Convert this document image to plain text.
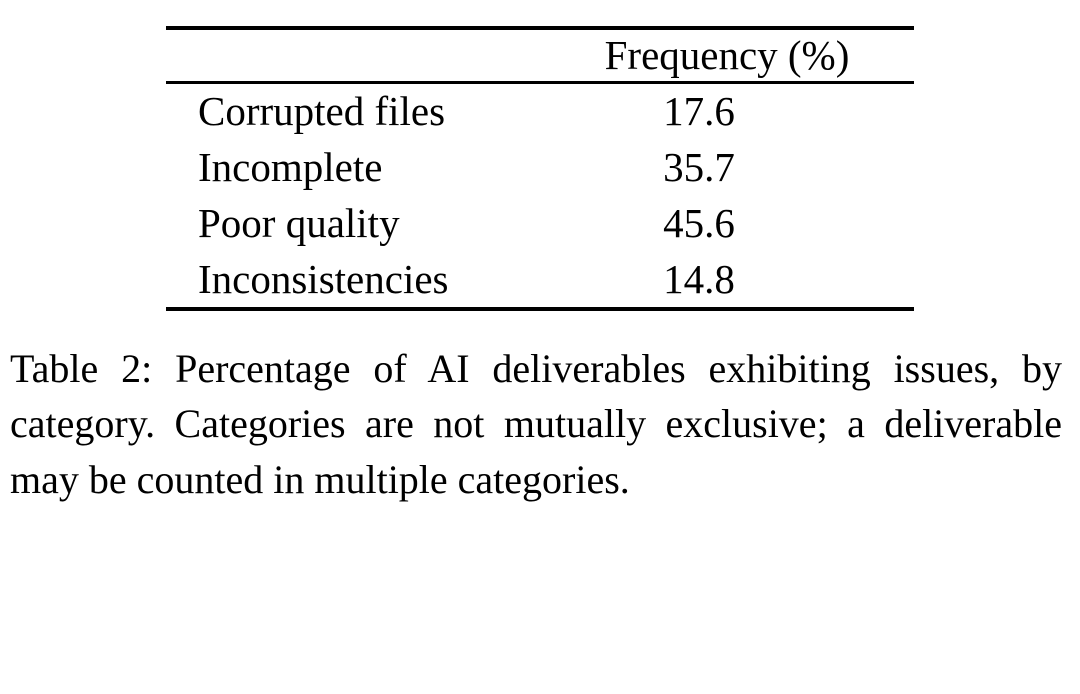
	Frequency (%)

Corrupted files	17.6
Incomplete	35.7
Poor quality	45.6
Inconsistencies	14.8

Table 2: Percentage of AI deliverables exhibiting issues, by category. Categories are not mutually exclusive; a deliverable may be counted in multiple categories.
